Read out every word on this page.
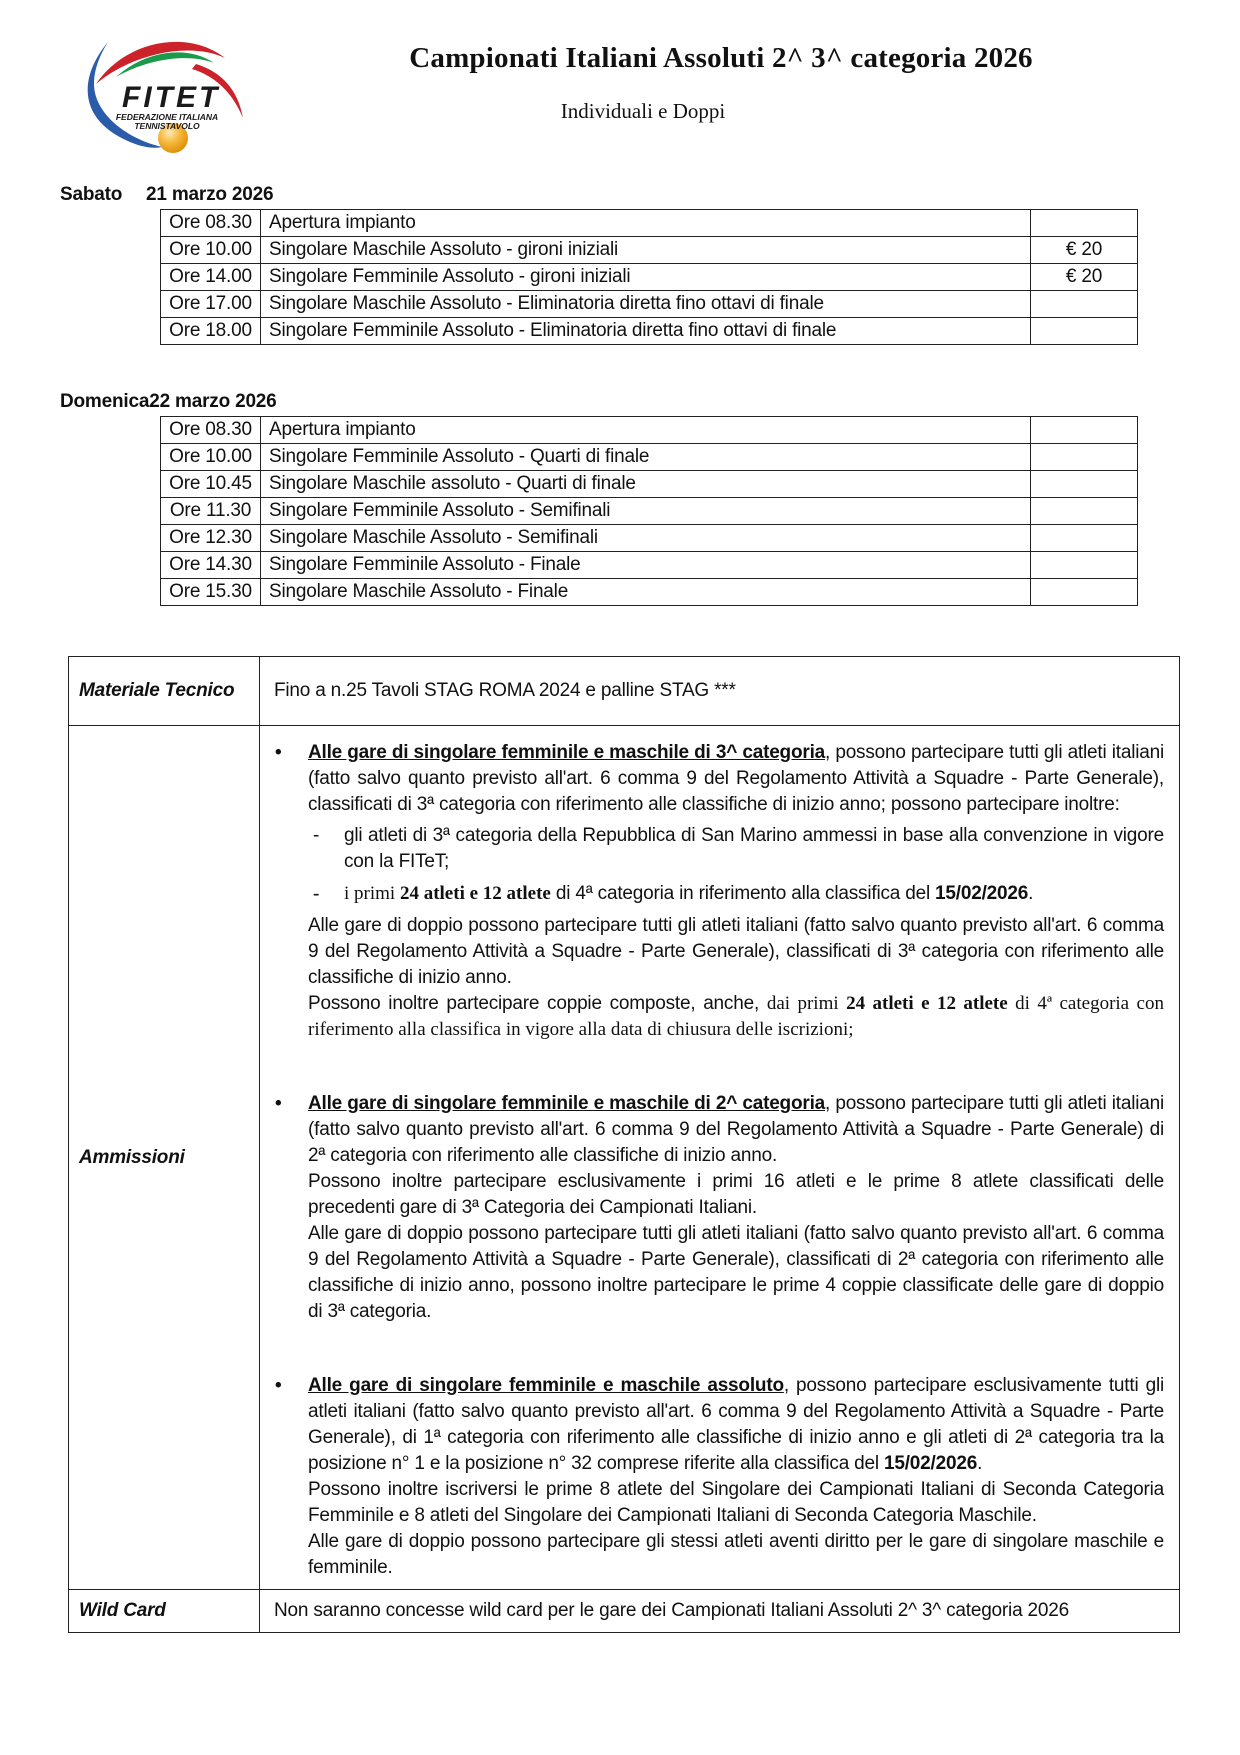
FITET
FEDERAZIONE ITALIANA
TENNISTAVOLO
Campionati Italiani Assoluti 2^ 3^ categoria 2026
Individuali e Doppi
Sabato	21 marzo 2026
Ore 08.30	Apertura impianto	
Ore 10.00	Singolare Maschile Assoluto - gironi iniziali	€ 20
Ore 14.00	Singolare Femminile Assoluto - gironi iniziali	€ 20
Ore 17.00	Singolare Maschile Assoluto - Eliminatoria diretta fino ottavi di finale	
Ore 18.00	Singolare Femminile Assoluto - Eliminatoria diretta fino ottavi di finale	
Domenica 22 marzo 2026
Ore 08.30	Apertura impianto	
Ore 10.00	Singolare Femminile Assoluto - Quarti di finale	
Ore 10.45	Singolare Maschile assoluto - Quarti di finale	
Ore 11.30	Singolare Femminile Assoluto - Semifinali	
Ore 12.30	Singolare Maschile Assoluto - Semifinali	
Ore 14.30	Singolare Femminile Assoluto - Finale	
Ore 15.30	Singolare Maschile Assoluto - Finale	
Materiale Tecnico	Fino a n.25 Tavoli STAG ROMA 2024 e palline STAG ***
Ammissioni	
•	Alle gare di singolare femminile e maschile di 3^ categoria, possono partecipare tutti gli atleti italiani (fatto salvo quanto previsto all'art. 6 comma 9 del Regolamento Attività a Squadre - Parte Generale), classificati di 3ª categoria con riferimento alle classifiche di inizio anno; possono partecipare inoltre:

-	gli atleti di 3ª categoria della Repubblica di San Marino ammessi in base alla convenzione in vigore con la FITeT;

-	i primi 24 atleti e 12 atlete di 4ª categoria in riferimento alla classifica del 15/02/2026.

Alle gare di doppio possono partecipare tutti gli atleti italiani (fatto salvo quanto previsto all'art. 6 comma 9 del Regolamento Attività a Squadre - Parte Generale), classificati di 3ª categoria con riferimento alle classifiche di inizio anno.

Possono inoltre partecipare coppie composte, anche, dai primi 24 atleti e 12 atlete di 4ª categoria con riferimento alla classifica in vigore alla data di chiusura delle iscrizioni;

•	Alle gare di singolare femminile e maschile di 2^ categoria, possono partecipare tutti gli atleti italiani (fatto salvo quanto previsto all'art. 6 comma 9 del Regolamento Attività a Squadre - Parte Generale) di 2ª categoria con riferimento alle classifiche di inizio anno.

Possono inoltre partecipare esclusivamente i primi 16 atleti e le prime 8 atlete classificati delle precedenti gare di 3ª Categoria dei Campionati Italiani.

Alle gare di doppio possono partecipare tutti gli atleti italiani (fatto salvo quanto previsto all'art. 6 comma 9 del Regolamento Attività a Squadre - Parte Generale), classificati di 2ª categoria con riferimento alle classifiche di inizio anno, possono inoltre partecipare le prime 4 coppie classificate delle gare di doppio di 3ª categoria.

•	Alle gare di singolare femminile e maschile assoluto, possono partecipare esclusivamente tutti gli atleti italiani (fatto salvo quanto previsto all'art. 6 comma 9 del Regolamento Attività a Squadre - Parte Generale), di 1ª categoria con riferimento alle classifiche di inizio anno e gli atleti di 2ª categoria tra la posizione n° 1 e la posizione n° 32 comprese riferite alla classifica del 15/02/2026.

Possono inoltre iscriversi le prime 8 atlete del Singolare dei Campionati Italiani di Seconda Categoria Femminile e 8 atleti del Singolare dei Campionati Italiani di Seconda Categoria Maschile.

Alle gare di doppio possono partecipare gli stessi atleti aventi diritto per le gare di singolare maschile e femminile.

Wild Card	Non saranno concesse wild card per le gare dei Campionati Italiani Assoluti 2^ 3^ categoria 2026
